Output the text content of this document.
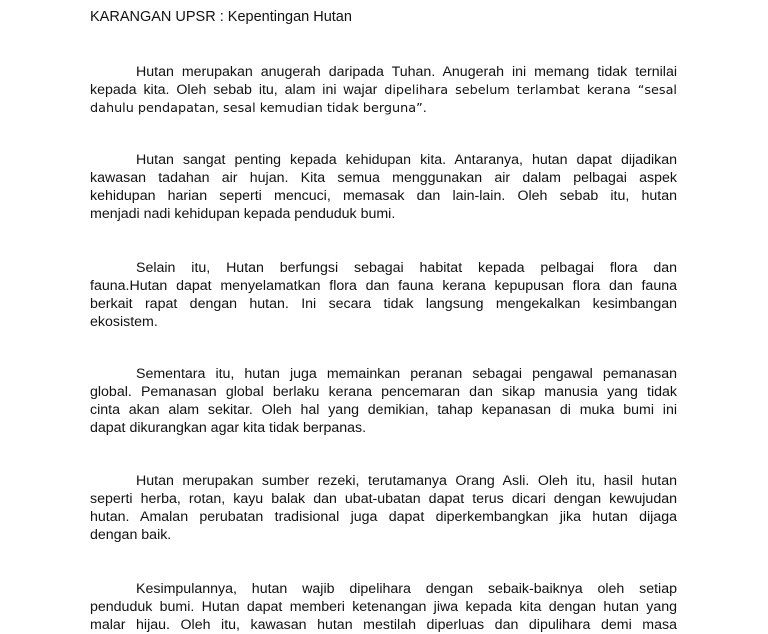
KARANGAN UPSR : Kepentingan Hutan
Hutan merupakan anugerah daripada Tuhan. Anugerah ini memang tidak ternilai
kepada kita. Oleh sebab itu, alam ini wajar dipelihara sebelum terlambat kerana “sesal
dahulu pendapatan, sesal kemudian tidak berguna”.
Hutan sangat penting kepada kehidupan kita. Antaranya, hutan dapat dijadikan
kawasan tadahan air hujan. Kita semua menggunakan air dalam pelbagai aspek
kehidupan harian seperti mencuci, memasak dan lain-lain. Oleh sebab itu, hutan
menjadi nadi kehidupan kepada penduduk bumi.
Selain itu, Hutan berfungsi sebagai habitat kepada pelbagai flora dan
fauna.Hutan dapat menyelamatkan flora dan fauna kerana kepupusan flora dan fauna
berkait rapat dengan hutan. Ini secara tidak langsung mengekalkan kesimbangan
ekosistem.
Sementara itu, hutan juga memainkan peranan sebagai pengawal pemanasan
global. Pemanasan global berlaku kerana pencemaran dan sikap manusia yang tidak
cinta akan alam sekitar. Oleh hal yang demikian, tahap kepanasan di muka bumi ini
dapat dikurangkan agar kita tidak berpanas.
Hutan merupakan sumber rezeki, terutamanya Orang Asli. Oleh itu, hasil hutan
seperti herba, rotan, kayu balak dan ubat-ubatan dapat terus dicari dengan kewujudan
hutan. Amalan perubatan tradisional juga dapat diperkembangkan jika hutan dijaga
dengan baik.
Kesimpulannya, hutan wajib dipelihara dengan sebaik-baiknya oleh setiap
penduduk bumi. Hutan dapat memberi ketenangan jiwa kepada kita dengan hutan yang
malar hijau. Oleh itu, kawasan hutan mestilah diperluas dan dipulihara demi masa
